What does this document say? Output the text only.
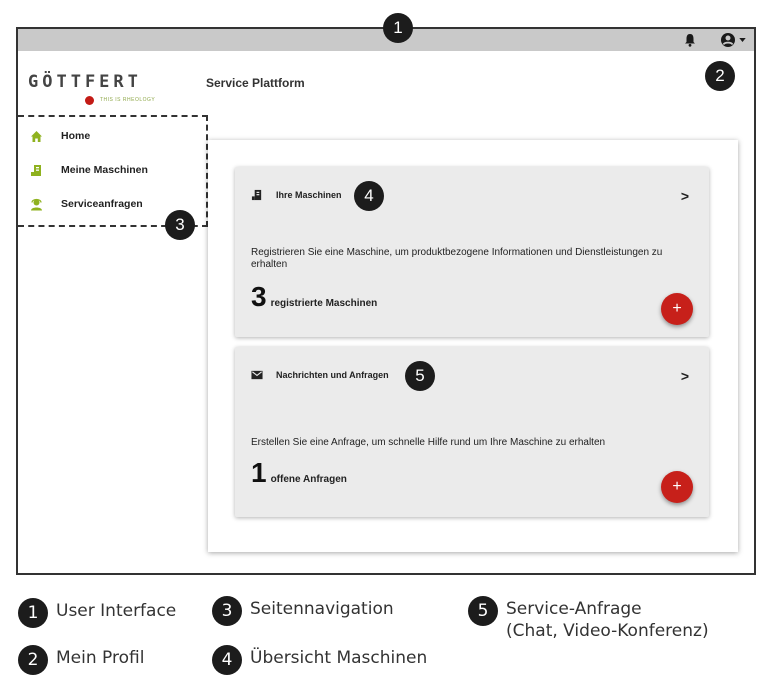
GÖTTFERT
THIS IS RHEOLOGY
Service Plattform
Home
Meine Maschinen
Serviceanfragen
Ihre Maschinen	>
Registrieren Sie eine Maschine, um produktbezogene Informationen und Dienstleistungen zu erhalten
3 registrierte Maschinen	+
Nachrichten und Anfragen	>
Erstellen Sie eine Anfrage, um schnelle Hilfe rund um Ihre Maschine zu erhalten
1 offene Anfragen	+
1
2
3
4
5
1	User Interface
2	Mein Profil
3	Seitennavigation
4	Übersicht Maschinen
5	Service-Anfrage
(Chat, Video-Konferenz)
